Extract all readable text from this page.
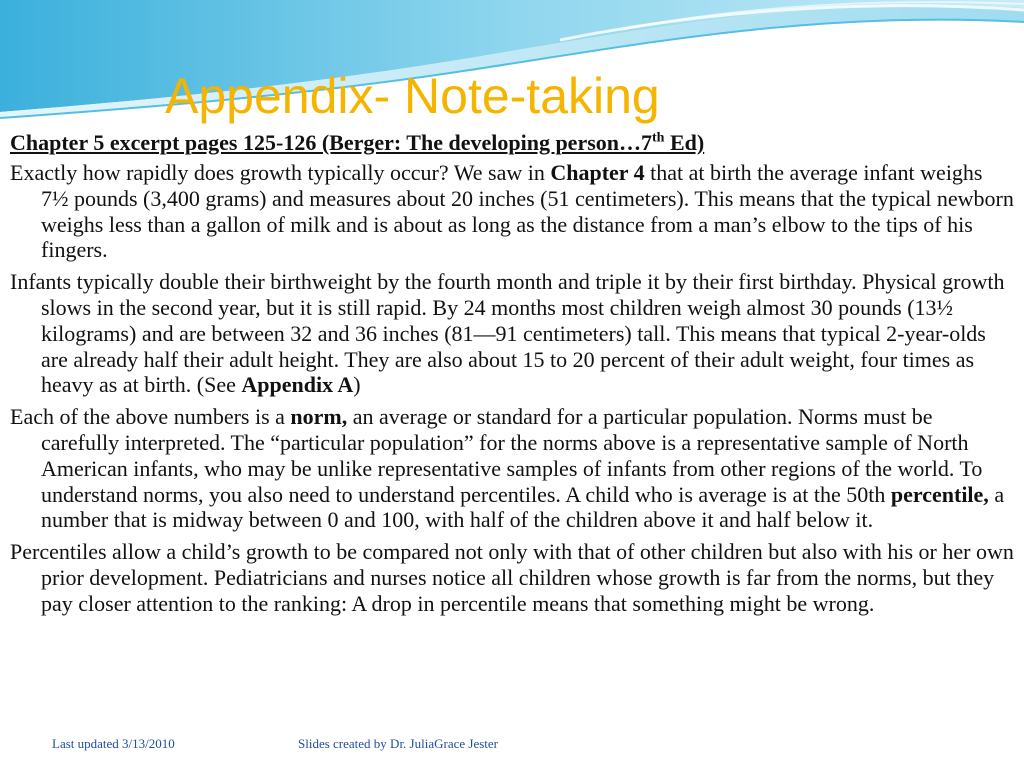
Appendix- Note-taking

Chapter 5 excerpt pages 125-126 (Berger: The developing person…7th Ed)

Exactly how rapidly does growth typically occur? We saw in Chapter 4 that at birth the average infant weighs 7½ pounds (3,400 grams) and measures about 20 inches (51 centimeters). This means that the typical newborn weighs less than a gallon of milk and is about as long as the distance from a man’s elbow to the tips of his fingers.

Infants typically double their birthweight by the fourth month and triple it by their first birthday. Physical growth slows in the second year, but it is still rapid. By 24 months most children weigh almost 30 pounds (13½ kilograms) and are between 32 and 36 inches (81—91 centimeters) tall. This means that typical 2-year-olds are already half their adult height. They are also about 15 to 20 percent of their adult weight, four times as heavy as at birth. (See Appendix A)

Each of the above numbers is a norm, an average or standard for a particular population. Norms must be carefully interpreted. The “particular population” for the norms above is a representative sample of North American infants, who may be unlike representative samples of infants from other regions of the world. To understand norms, you also need to understand percentiles. A child who is average is at the 50th percentile, a number that is midway between 0 and 100, with half of the children above it and half below it.

Percentiles allow a child’s growth to be compared not only with that of other children but also with his or her own prior development. Pediatricians and nurses notice all children whose growth is far from the norms, but they pay closer attention to the ranking: A drop in percentile means that something might be wrong.

Last updated 3/13/2010	Slides created by Dr. JuliaGrace Jester
